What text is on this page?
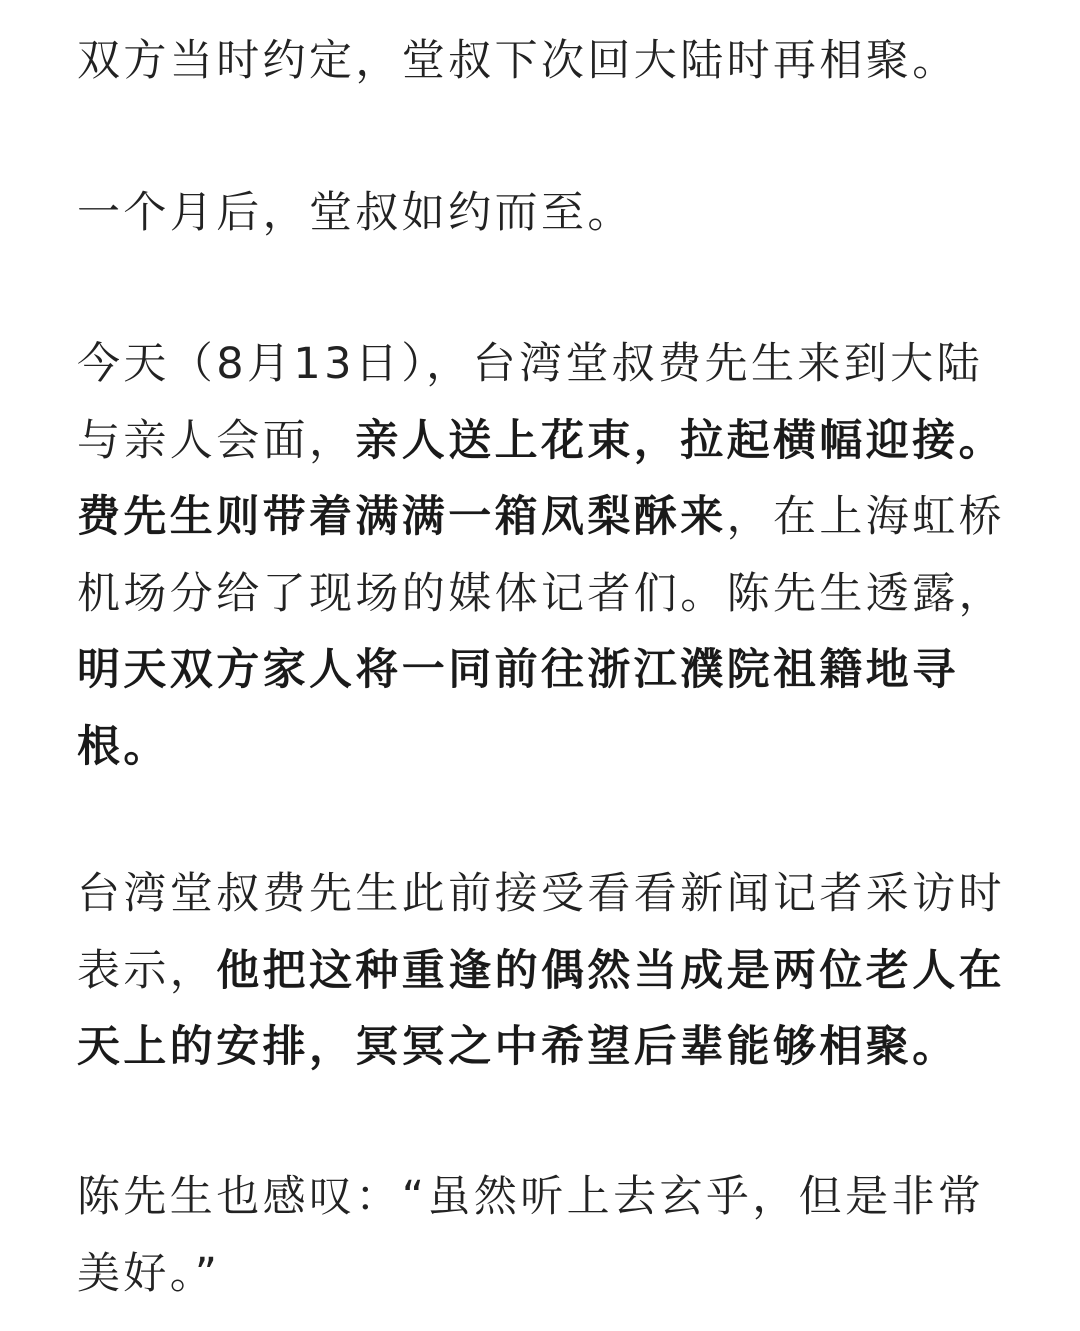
双方当时约定，堂叔下次回大陆时再相聚。

一个月后，堂叔如约而至。

今天（8月13日），台湾堂叔费先生来到大陆与亲人会面，亲人送上花束，拉起横幅迎接。费先生则带着满满一箱凤梨酥来，在上海虹桥机场分给了现场的媒体记者们。陈先生透露，明天双方家人将一同前往浙江濮院祖籍地寻根。

台湾堂叔费先生此前接受看看新闻记者采访时表示，他把这种重逢的偶然当成是两位老人在天上的安排，冥冥之中希望后辈能够相聚。

陈先生也感叹：“虽然听上去玄乎，但是非常美好。”
